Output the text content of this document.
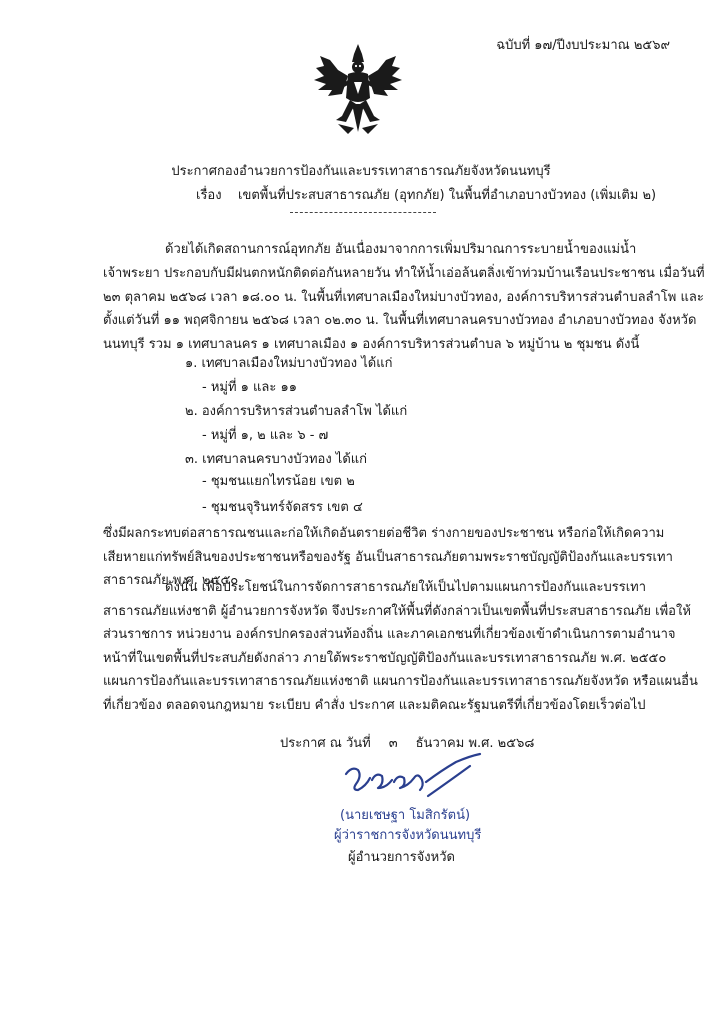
ฉบับที่ ๑๗/ปีงบประมาณ ๒๕๖๙
ประกาศกองอำนวยการป้องกันและบรรเทาสาธารณภัยจังหวัดนนทบุรี
เรื่อง เขตพื้นที่ประสบสาธารณภัย (อุทกภัย) ในพื้นที่อำเภอบางบัวทอง (เพิ่มเติม ๒)
ด้วยได้เกิดสถานการณ์อุทกภัย อันเนื่องมาจากการเพิ่มปริมาณการระบายน้ำของแม่น้ำ
เจ้าพระยา ประกอบกับมีฝนตกหนักติดต่อกันหลายวัน ทำให้น้ำเอ่อล้นตลิ่งเข้าท่วมบ้านเรือนประชาชน เมื่อวันที่
๒๓ ตุลาคม ๒๕๖๘ เวลา ๑๘.๐๐ น. ในพื้นที่เทศบาลเมืองใหม่บางบัวทอง, องค์การบริหารส่วนตำบลลำโพ และ
ตั้งแต่วันที่ ๑๑ พฤศจิกายน ๒๕๖๘ เวลา ๐๒.๓๐ น. ในพื้นที่เทศบาลนครบางบัวทอง อำเภอบางบัวทอง จังหวัด
นนทบุรี รวม ๑ เทศบาลนคร ๑ เทศบาลเมือง ๑ องค์การบริหารส่วนตำบล ๖ หมู่บ้าน ๒ ชุมชน ดังนี้
๑. เทศบาลเมืองใหม่บางบัวทอง ได้แก่
- หมู่ที่ ๑ และ ๑๑
๒. องค์การบริหารส่วนตำบลลำโพ ได้แก่
- หมู่ที่ ๑, ๒ และ ๖ - ๗
๓. เทศบาลนครบางบัวทอง ได้แก่
- ชุมชนแยกไทรน้อย เขต ๒
- ชุมชนจุรินทร์จัดสรร เขต ๔
ซึ่งมีผลกระทบต่อสาธารณชนและก่อให้เกิดอันตรายต่อชีวิต ร่างกายของประชาชน หรือก่อให้เกิดความ
เสียหายแก่ทรัพย์สินของประชาชนหรือของรัฐ อันเป็นสาธารณภัยตามพระราชบัญญัติป้องกันและบรรเทา
สาธารณภัย พ.ศ. ๒๕๕๐
ดังนั้น เพื่อประโยชน์ในการจัดการสาธารณภัยให้เป็นไปตามแผนการป้องกันและบรรเทา
สาธารณภัยแห่งชาติ ผู้อำนวยการจังหวัด จึงประกาศให้พื้นที่ดังกล่าวเป็นเขตพื้นที่ประสบสาธารณภัย เพื่อให้
ส่วนราชการ หน่วยงาน องค์กรปกครองส่วนท้องถิ่น และภาคเอกชนที่เกี่ยวข้องเข้าดำเนินการตามอำนาจ
หน้าที่ในเขตพื้นที่ประสบภัยดังกล่าว ภายใต้พระราชบัญญัติป้องกันและบรรเทาสาธารณภัย พ.ศ. ๒๕๕๐
แผนการป้องกันและบรรเทาสาธารณภัยแห่งชาติ แผนการป้องกันและบรรเทาสาธารณภัยจังหวัด หรือแผนอื่น
ที่เกี่ยวข้อง ตลอดจนกฎหมาย ระเบียบ คำสั่ง ประกาศ และมติคณะรัฐมนตรีที่เกี่ยวข้องโดยเร็วต่อไป
ประกาศ ณ วันที่ ๓ ธันวาคม พ.ศ. ๒๕๖๘
(นายเชษฐา โมสิกรัตน์)
ผู้ว่าราชการจังหวัดนนทบุรี
ผู้อำนวยการจังหวัด
